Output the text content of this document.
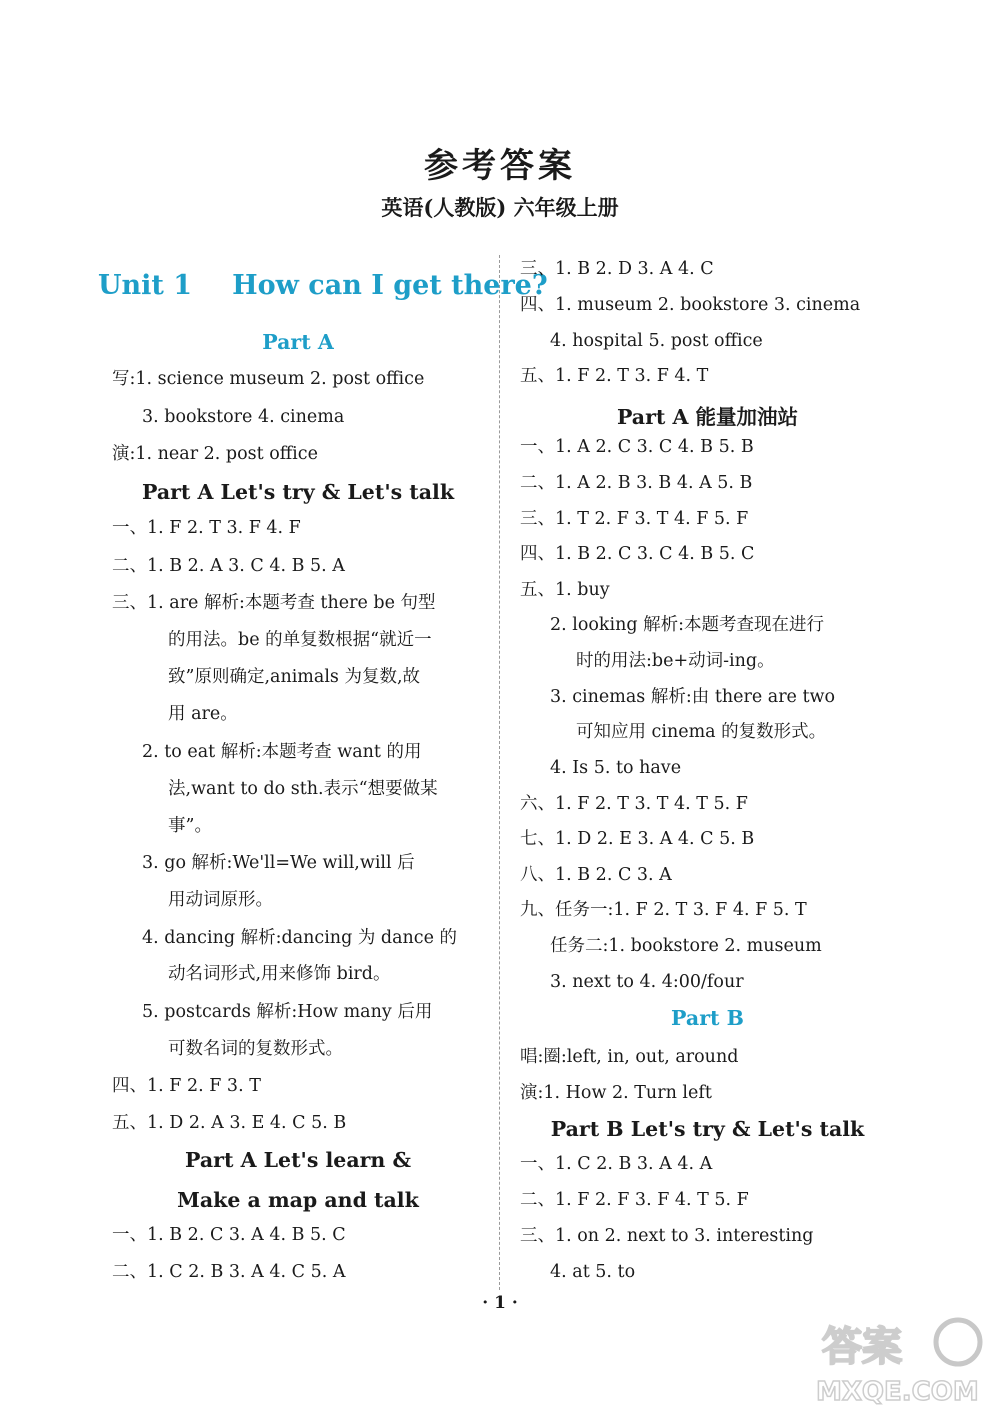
参考答案
英语(人教版) 六年级上册
Unit 1 How can I get there?
Part A
写:1. science museum 2. post office
3. bookstore 4. cinema
演:1. near 2. post office
Part A Let's try & Let's talk
一、1. F 2. T 3. F 4. F
二、1. B 2. A 3. C 4. B 5. A
三、1. are 解析:本题考查 there be 句型
的用法。be 的单复数根据“就近一
致”原则确定,animals 为复数,故
用 are。
2. to eat 解析:本题考查 want 的用
法,want to do sth.表示“想要做某
事”。
3. go 解析:We'll=We will,will 后
用动词原形。
4. dancing 解析:dancing 为 dance 的
动名词形式,用来修饰 bird。
5. postcards 解析:How many 后用
可数名词的复数形式。
四、1. F 2. F 3. T
五、1. D 2. A 3. E 4. C 5. B
Part A Let's learn &
Make a map and talk
一、1. B 2. C 3. A 4. B 5. C
二、1. C 2. B 3. A 4. C 5. A
三、1. B 2. D 3. A 4. C
四、1. museum 2. bookstore 3. cinema
4. hospital 5. post office
五、1. F 2. T 3. F 4. T
Part A 能量加油站
一、1. A 2. C 3. C 4. B 5. B
二、1. A 2. B 3. B 4. A 5. B
三、1. T 2. F 3. T 4. F 5. F
四、1. B 2. C 3. C 4. B 5. C
五、1. buy
2. looking 解析:本题考查现在进行
时的用法:be+动词-ing。
3. cinemas 解析:由 there are two
可知应用 cinema 的复数形式。
4. Is 5. to have
六、1. F 2. T 3. T 4. T 5. F
七、1. D 2. E 3. A 4. C 5. B
八、1. B 2. C 3. A
九、任务一:1. F 2. T 3. F 4. F 5. T
任务二:1. bookstore 2. museum
3. next to 4. 4:00/four
Part B
唱:圈:left, in, out, around
演:1. How 2. Turn left
Part B Let's try & Let's talk
一、1. C 2. B 3. A 4. A
二、1. F 2. F 3. F 4. T 5. F
三、1. on 2. next to 3. interesting
4. at 5. to
· 1 ·
答案
MXQE.COM
